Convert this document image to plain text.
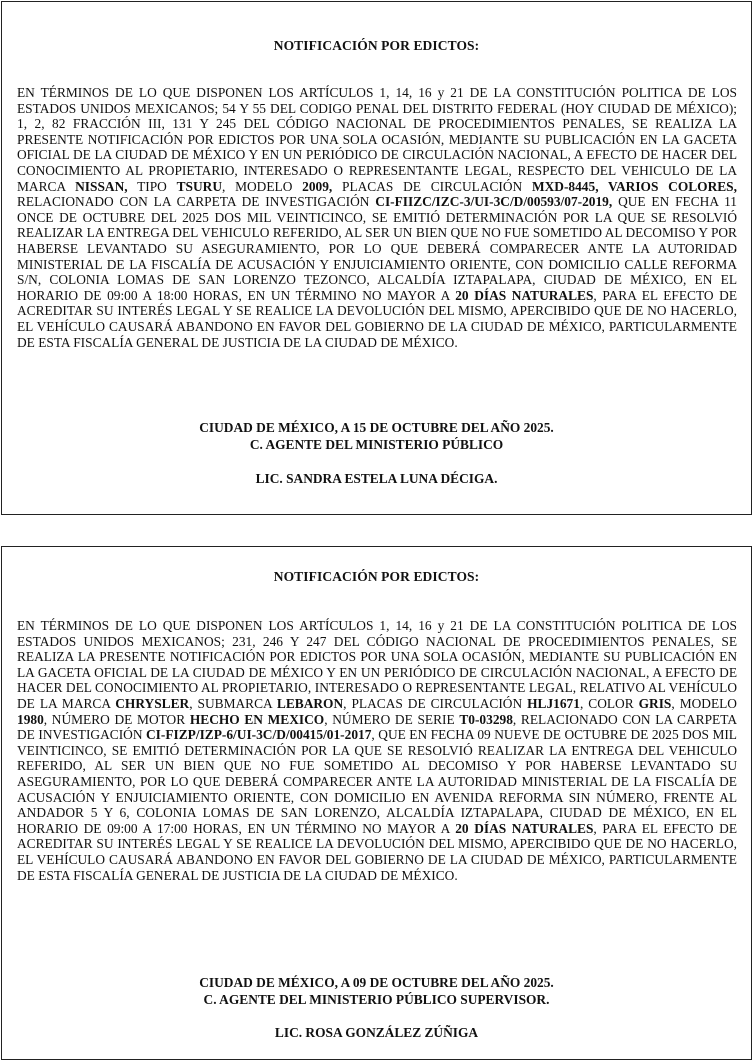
NOTIFICACIÓN POR EDICTOS:
EN TÉRMINOS DE LO QUE DISPONEN LOS ARTÍCULOS 1, 14, 16 y 21 DE LA CONSTITUCIÓN POLITICA DE LOS ESTADOS UNIDOS MEXICANOS; 54 Y 55 DEL CODIGO PENAL DEL DISTRITO FEDERAL (HOY CIUDAD DE MÉXICO); 1, 2, 82 FRACCIÓN III, 131 Y 245 DEL CÓDIGO NACIONAL DE PROCEDIMIENTOS PENALES, SE REALIZA LA PRESENTE NOTIFICACIÓN POR EDICTOS POR UNA SOLA OCASIÓN, MEDIANTE SU PUBLICACIÓN EN LA GACETA OFICIAL DE LA CIUDAD DE MÉXICO Y EN UN PERIÓDICO DE CIRCULACIÓN NACIONAL, A EFECTO DE HACER DEL CONOCIMIENTO AL PROPIETARIO, INTERESADO O REPRESENTANTE LEGAL, RESPECTO DEL VEHICULO DE LA MARCA NISSAN, TIPO TSURU, MODELO 2009, PLACAS DE CIRCULACIÓN MXD-8445, VARIOS COLORES, RELACIONADO CON LA CARPETA DE INVESTIGACIÓN CI-FIIZC/IZC-3/UI-3C/D/00593/07-2019, QUE EN FECHA 11 ONCE DE OCTUBRE DEL 2025 DOS MIL VEINTICINCO, SE EMITIÓ DETERMINACIÓN POR LA QUE SE RESOLVIÓ REALIZAR LA ENTREGA DEL VEHICULO REFERIDO, AL SER UN BIEN QUE NO FUE SOMETIDO AL DECOMISO Y POR HABERSE LEVANTADO SU ASEGURAMIENTO, POR LO QUE DEBERÁ COMPARECER ANTE LA AUTORIDAD MINISTERIAL DE LA FISCALÍA DE ACUSACIÓN Y ENJUICIAMIENTO ORIENTE, CON DOMICILIO CALLE REFORMA S/N, COLONIA LOMAS DE SAN LORENZO TEZONCO, ALCALDÍA IZTAPALAPA, CIUDAD DE MÉXICO, EN EL HORARIO DE 09:00 A 18:00 HORAS, EN UN TÉRMINO NO MAYOR A 20 DÍAS NATURALES, PARA EL EFECTO DE ACREDITAR SU INTERÉS LEGAL Y SE REALICE LA DEVOLUCIÓN DEL MISMO, APERCIBIDO QUE DE NO HACERLO, EL VEHÍCULO CAUSARÁ ABANDONO EN FAVOR DEL GOBIERNO DE LA CIUDAD DE MÉXICO, PARTICULARMENTE DE ESTA FISCALÍA GENERAL DE JUSTICIA DE LA CIUDAD DE MÉXICO.
CIUDAD DE MÉXICO, A 15 DE OCTUBRE DEL AÑO 2025.
C. AGENTE DEL MINISTERIO PÚBLICO
LIC. SANDRA ESTELA LUNA DÉCIGA.
NOTIFICACIÓN POR EDICTOS:
EN TÉRMINOS DE LO QUE DISPONEN LOS ARTÍCULOS 1, 14, 16 y 21 DE LA CONSTITUCIÓN POLITICA DE LOS ESTADOS UNIDOS MEXICANOS; 231, 246 Y 247 DEL CÓDIGO NACIONAL DE PROCEDIMIENTOS PENALES, SE REALIZA LA PRESENTE NOTIFICACIÓN POR EDICTOS POR UNA SOLA OCASIÓN, MEDIANTE SU PUBLICACIÓN EN LA GACETA OFICIAL DE LA CIUDAD DE MÉXICO Y EN UN PERIÓDICO DE CIRCULACIÓN NACIONAL, A EFECTO DE HACER DEL CONOCIMIENTO AL PROPIETARIO, INTERESADO O REPRESENTANTE LEGAL, RELATIVO AL VEHÍCULO DE LA MARCA CHRYSLER, SUBMARCA LEBARON, PLACAS DE CIRCULACIÓN HLJ1671, COLOR GRIS, MODELO 1980, NÚMERO DE MOTOR HECHO EN MEXICO, NÚMERO DE SERIE T0-03298, RELACIONADO CON LA CARPETA DE INVESTIGACIÓN CI-FIZP/IZP-6/UI-3C/D/00415/01-2017, QUE EN FECHA 09 NUEVE DE OCTUBRE DE 2025 DOS MIL VEINTICINCO, SE EMITIÓ DETERMINACIÓN POR LA QUE SE RESOLVIÓ REALIZAR LA ENTREGA DEL VEHICULO REFERIDO, AL SER UN BIEN QUE NO FUE SOMETIDO AL DECOMISO Y POR HABERSE LEVANTADO SU ASEGURAMIENTO, POR LO QUE DEBERÁ COMPARECER ANTE LA AUTORIDAD MINISTERIAL DE LA FISCALÍA DE ACUSACIÓN Y ENJUICIAMIENTO ORIENTE, CON DOMICILIO EN AVENIDA REFORMA SIN NÚMERO, FRENTE AL ANDADOR 5 Y 6, COLONIA LOMAS DE SAN LORENZO, ALCALDÍA IZTAPALAPA, CIUDAD DE MÉXICO, EN EL HORARIO DE 09:00 A 17:00 HORAS, EN UN TÉRMINO NO MAYOR A 20 DÍAS NATURALES, PARA EL EFECTO DE ACREDITAR SU INTERÉS LEGAL Y SE REALICE LA DEVOLUCIÓN DEL MISMO, APERCIBIDO QUE DE NO HACERLO, EL VEHÍCULO CAUSARÁ ABANDONO EN FAVOR DEL GOBIERNO DE LA CIUDAD DE MÉXICO, PARTICULARMENTE DE ESTA FISCALÍA GENERAL DE JUSTICIA DE LA CIUDAD DE MÉXICO.
CIUDAD DE MÉXICO, A 09 DE OCTUBRE DEL AÑO 2025.
C. AGENTE DEL MINISTERIO PÚBLICO SUPERVISOR.
LIC. ROSA GONZÁLEZ ZÚÑIGA
